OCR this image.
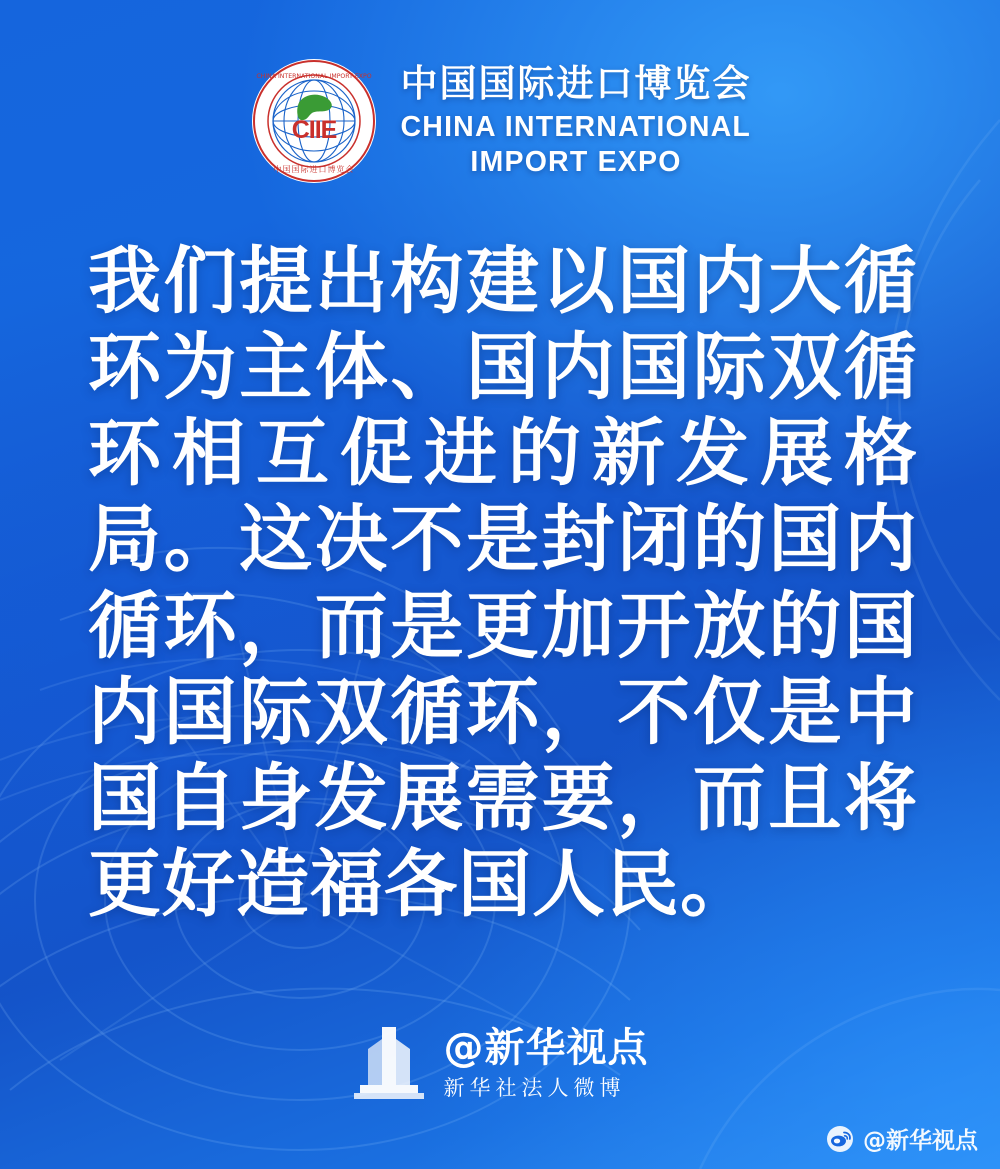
CIIE
CHINA INTERNATIONAL IMPORT EXPO
中国国际进口博览会
中国国际进口博览会
CHINA INTERNATIONAL
IMPORT EXPO
我们提出构建以国内大循环为主体、国内国际双循环相互促进的新发展格局。这决不是封闭的国内循环，而是更加开放的国内国际双循环，不仅是中国自身发展需要，而且将更好造福各国人民。
@新华视点
新华社法人微博
@新华视点
